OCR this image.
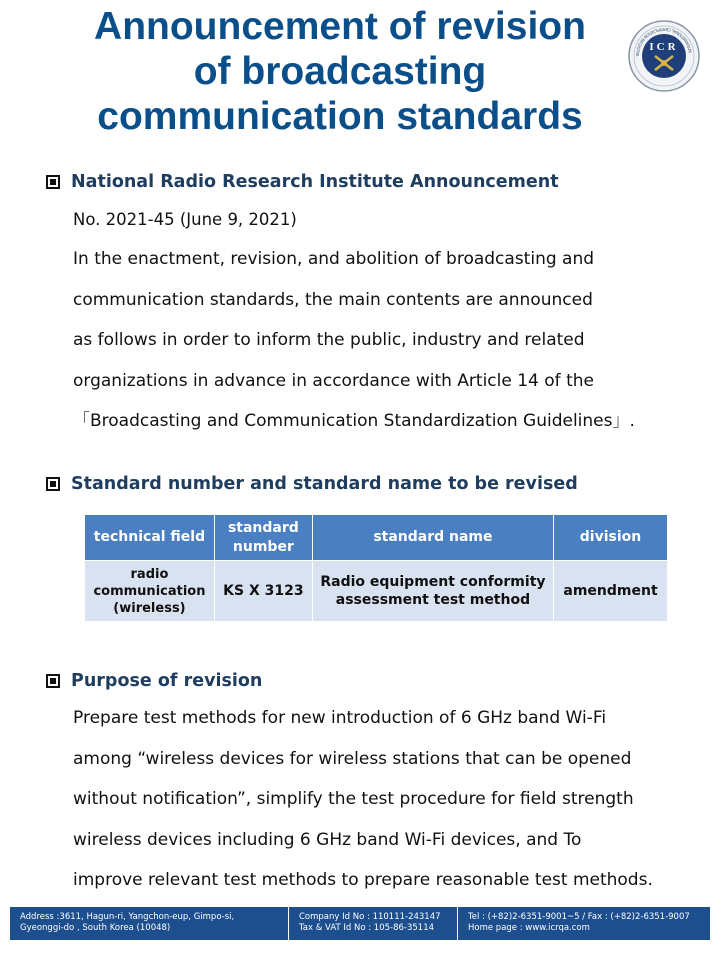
Announcement of revision
of broadcasting
communication standards
ICR	INTERNATIONAL CERTIFICATION REGISTRA
National Radio Research Institute Announcement
No. 2021-45 (June 9, 2021)
In the enactment, revision, and abolition of broadcasting and
communication standards, the main contents are announced
as follows in order to inform the public, industry and related
organizations in advance in accordance with Article 14 of the
「Broadcasting and Communication Standardization Guidelines」.
Standard number and standard name to be revised
technical field	standard number	standard name	division
radio communication (wireless)	KS X 3123	Radio equipment conformity assessment test method	amendment
Purpose of revision
Prepare test methods for new introduction of 6 GHz band Wi-Fi
among “wireless devices for wireless stations that can be opened
without notification”, simplify the test procedure for field strength
wireless devices including 6 GHz band Wi-Fi devices, and To
improve relevant test methods to prepare reasonable test methods.
Address :3611, Hagun-ri, Yangchon-eup, Gimpo-si,
Gyeonggi-do , South Korea (10048)
Company Id No : 110111-243147
Tax & VAT Id No : 105-86-35114
Tel : (+82)2-6351-9001~5 / Fax : (+82)2-6351-9007
Home page : www.icrqa.com
